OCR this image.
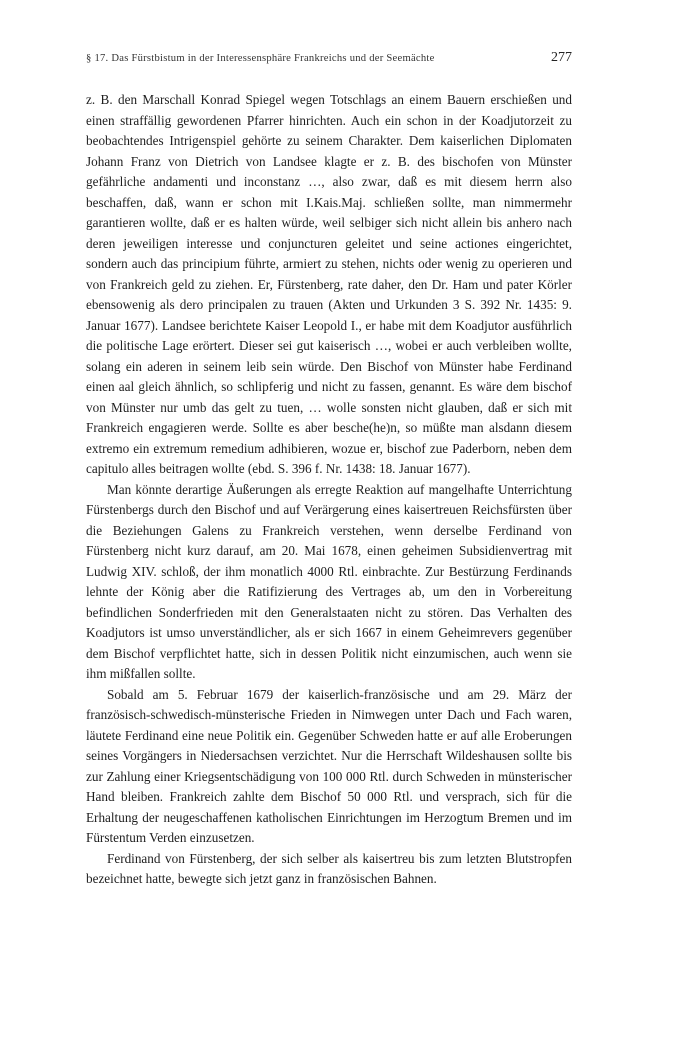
§ 17. Das Fürstbistum in der Interessensphäre Frankreichs und der Seemächte	277

z. B. den Marschall Konrad Spiegel wegen Totschlags an einem Bauern erschießen und einen straffällig gewordenen Pfarrer hinrichten. Auch ein schon in der Koadjutorzeit zu beobachtendes Intrigenspiel gehörte zu seinem Charakter. Dem kaiserlichen Diplomaten Johann Franz von Dietrich von Landsee klagte er z. B. des bischofen von Münster gefährliche andamenti und inconstanz …, also zwar, daß es mit diesem herrn also beschaffen, daß, wann er schon mit I.Kais.Maj. schließen sollte, man nimmermehr garantieren wollte, daß er es halten würde, weil selbiger sich nicht allein bis anhero nach deren jeweiligen interesse und conjuncturen geleitet und seine actiones eingerichtet, sondern auch das principium führte, armiert zu stehen, nichts oder wenig zu operieren und von Frankreich geld zu ziehen. Er, Fürstenberg, rate daher, den Dr. Ham und pater Körler ebensowenig als dero principalen zu trauen (Akten und Urkunden 3 S. 392 Nr. 1435: 9. Januar 1677). Landsee berichtete Kaiser Leopold I., er habe mit dem Koadjutor ausführlich die politische Lage erörtert. Dieser sei gut kaiserisch …, wobei er auch verbleiben wollte, solang ein aderen in seinem leib sein würde. Den Bischof von Münster habe Ferdinand einen aal gleich ähnlich, so schlipferig und nicht zu fassen, genannt. Es wäre dem bischof von Münster nur umb das gelt zu tuen, … wolle sonsten nicht glauben, daß er sich mit Frankreich engagieren werde. Sollte es aber besche(he)n, so müßte man alsdann diesem extremo ein extremum remedium adhibieren, wozue er, bischof zue Paderborn, neben dem capitulo alles beitragen wollte (ebd. S. 396 f. Nr. 1438: 18. Januar 1677).

Man könnte derartige Äußerungen als erregte Reaktion auf mangelhafte Unterrichtung Fürstenbergs durch den Bischof und auf Verärgerung eines kaisertreuen Reichsfürsten über die Beziehungen Galens zu Frankreich verstehen, wenn derselbe Ferdinand von Fürstenberg nicht kurz darauf, am 20. Mai 1678, einen geheimen Subsidienvertrag mit Ludwig XIV. schloß, der ihm monatlich 4000 Rtl. einbrachte. Zur Bestürzung Ferdinands lehnte der König aber die Ratifizierung des Vertrages ab, um den in Vorbereitung befindlichen Sonderfrieden mit den Generalstaaten nicht zu stören. Das Verhalten des Koadjutors ist umso unverständlicher, als er sich 1667 in einem Geheimrevers gegenüber dem Bischof verpflichtet hatte, sich in dessen Politik nicht einzumischen, auch wenn sie ihm mißfallen sollte.

Sobald am 5. Februar 1679 der kaiserlich-französische und am 29. März der französisch-schwedisch-münsterische Frieden in Nimwegen unter Dach und Fach waren, läutete Ferdinand eine neue Politik ein. Gegenüber Schweden hatte er auf alle Eroberungen seines Vorgängers in Niedersachsen verzichtet. Nur die Herrschaft Wildeshausen sollte bis zur Zahlung einer Kriegsentschädigung von 100 000 Rtl. durch Schweden in münsterischer Hand bleiben. Frankreich zahlte dem Bischof 50 000 Rtl. und versprach, sich für die Erhaltung der neugeschaffenen katholischen Einrichtungen im Herzogtum Bremen und im Fürstentum Verden einzusetzen.

Ferdinand von Fürstenberg, der sich selber als kaisertreu bis zum letzten Blutstropfen bezeichnet hatte, bewegte sich jetzt ganz in französischen Bahnen.
